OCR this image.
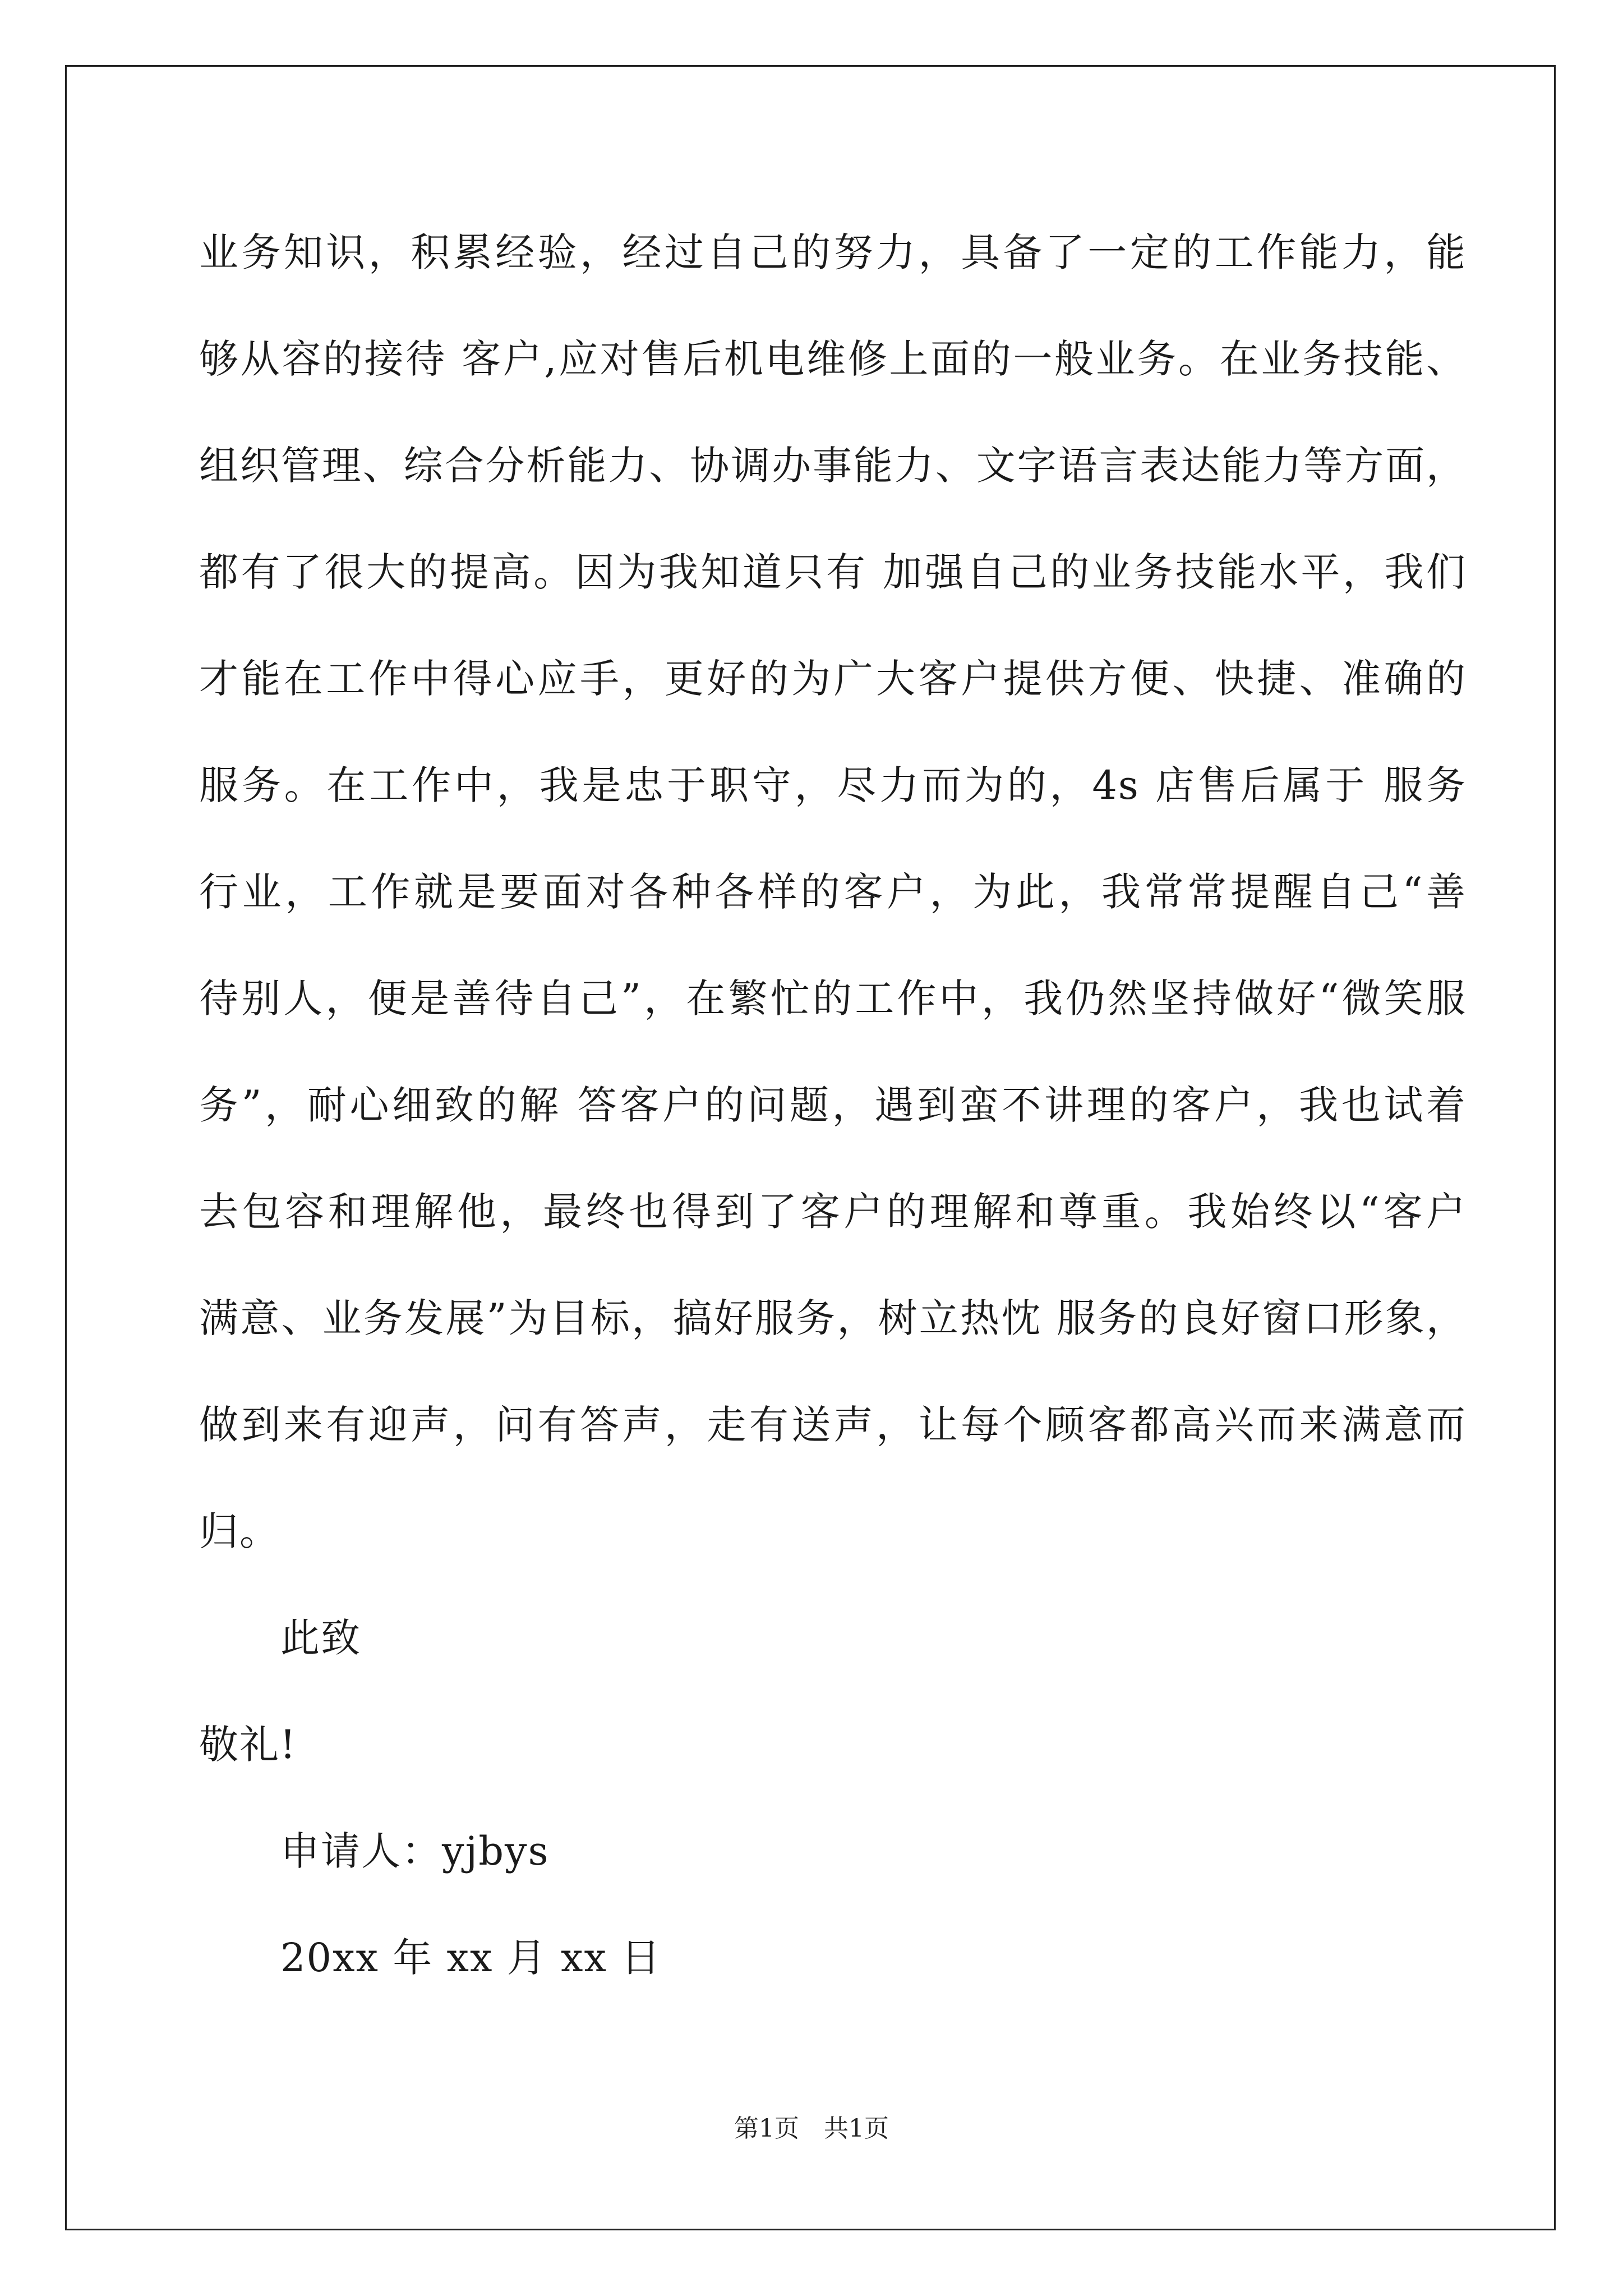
业务知识，积累经验，经过自己的努力，具备了一定的工作能力，能
够从容的接待 客户,应对售后机电维修上面的一般业务。在业务技能、
组织管理、综合分析能力、协调办事能力、文字语言表达能力等方面，
都有了很大的提高。因为我知道只有 加强自己的业务技能水平，我们
才能在工作中得心应手，更好的为广大客户提供方便、快捷、准确的
服务。在工作中，我是忠于职守，尽力而为的，4s 店售后属于 服务
行业，工作就是要面对各种各样的客户，为此，我常常提醒自己“善
待别人，便是善待自己”，在繁忙的工作中，我仍然坚持做好“微笑服
务”，耐心细致的解 答客户的问题，遇到蛮不讲理的客户，我也试着
去包容和理解他，最终也得到了客户的理解和尊重。我始终以“客户
满意、业务发展”为目标，搞好服务，树立热忱 服务的良好窗口形象，
做到来有迎声，问有答声，走有送声，让每个顾客都高兴而来满意而
归。
此致
敬礼!
申请人：yjbys
20xx 年 xx 月 xx 日
第1页　共1页
